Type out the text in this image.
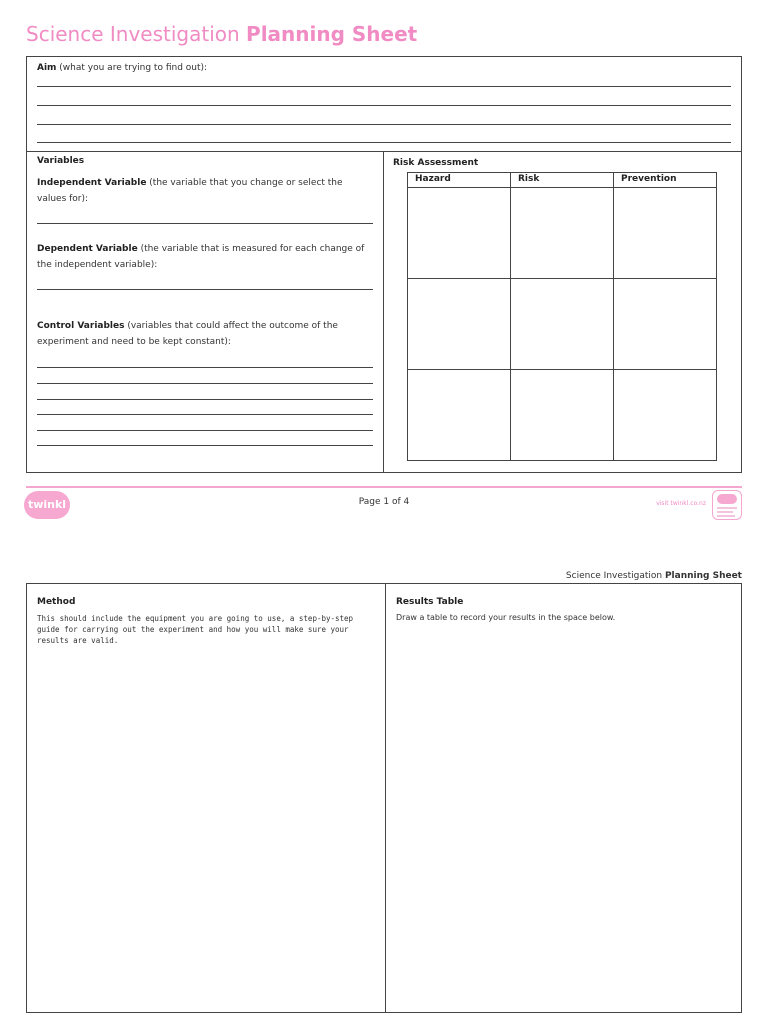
Science Investigation Planning Sheet
Aim (what you are trying to find out):
Variables
Independent Variable (the variable that you change or select the values for):
Dependent Variable (the variable that is measured for each change of the independent variable):
Control Variables (variables that could affect the outcome of the experiment and need to be kept constant):
Risk Assessment
Hazard	Risk	Prevention
twinkl	Page 1 of 4	visit twinkl.co.nz
Science Investigation Planning Sheet
Method
This should include the equipment you are going to use, a step-by-step guide for carrying out the experiment and how you will make sure your results are valid.
Results Table
Draw a table to record your results in the space below.
